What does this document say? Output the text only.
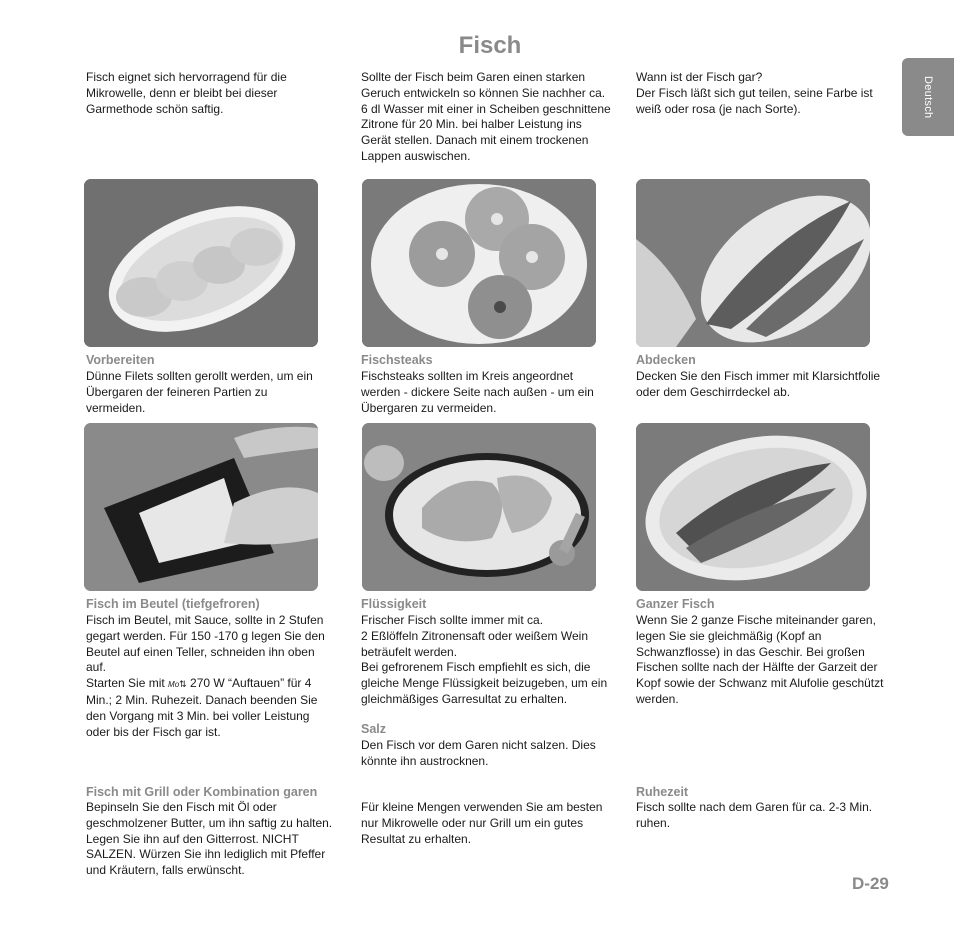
Fisch
Deutsch
Fisch eignet sich hervorragend für die
Mikrowelle, denn er bleibt bei dieser
Garmethode schön saftig.
Sollte der Fisch beim Garen einen starken
Geruch entwickeln so können Sie nachher ca.
6 dl Wasser mit einer in Scheiben geschnittene
Zitrone für 20 Min. bei halber Leistung ins
Gerät stellen. Danach mit einem trockenen
Lappen auswischen.
Wann ist der Fisch gar?
Der Fisch läßt sich gut teilen, seine Farbe ist
weiß oder rosa (je nach Sorte).
Vorbereiten
Dünne Filets sollten gerollt werden, um ein
Übergaren der feineren Partien zu
vermeiden.
Fischsteaks
Fischsteaks sollten im Kreis angeordnet
werden - dickere Seite nach außen - um ein
Übergaren zu vermeiden.
Abdecken
Decken Sie den Fisch immer mit Klarsichtfolie
oder dem Geschirrdeckel ab.
Fisch im Beutel (tiefgefroren)
Fisch im Beutel, mit Sauce, sollte in 2 Stufen
gegart werden. Für 150 -170 g legen Sie den
Beutel auf einen Teller, schneiden ihn oben
auf.
Starten Sie mit Mo⇅ 270 W “Auftauen” für 4
Min.; 2 Min. Ruhezeit. Danach beenden Sie
den Vorgang mit 3 Min. bei voller Leistung
oder bis der Fisch gar ist.
Flüssigkeit
Frischer Fisch sollte immer mit ca.
2 Eßlöffeln Zitronensaft oder weißem Wein
beträufelt werden.
Bei gefrorenem Fisch empfiehlt es sich, die
gleiche Menge Flüssigkeit beizugeben, um ein
gleichmäßiges Garresultat zu erhalten.
Ganzer Fisch
Wenn Sie 2 ganze Fische miteinander garen,
legen Sie sie gleichmäßig (Kopf an
Schwanzflosse) in das Geschir. Bei großen
Fischen sollte nach der Hälfte der Garzeit der
Kopf sowie der Schwanz mit Alufolie geschützt
werden.
Salz
Den Fisch vor dem Garen nicht salzen. Dies
könnte ihn austrocknen.
Fisch mit Grill oder Kombination garen
Bepinseln Sie den Fisch mit Öl oder
geschmolzener Butter, um ihn saftig zu halten.
Legen Sie ihn auf den Gitterrost. NICHT
SALZEN. Würzen Sie ihn lediglich mit Pfeffer
und Kräutern, falls erwünscht.
Für kleine Mengen verwenden Sie am besten
nur Mikrowelle oder nur Grill um ein gutes
Resultat zu erhalten.
Ruhezeit
Fisch sollte nach dem Garen für ca. 2-3 Min.
ruhen.
D-29
